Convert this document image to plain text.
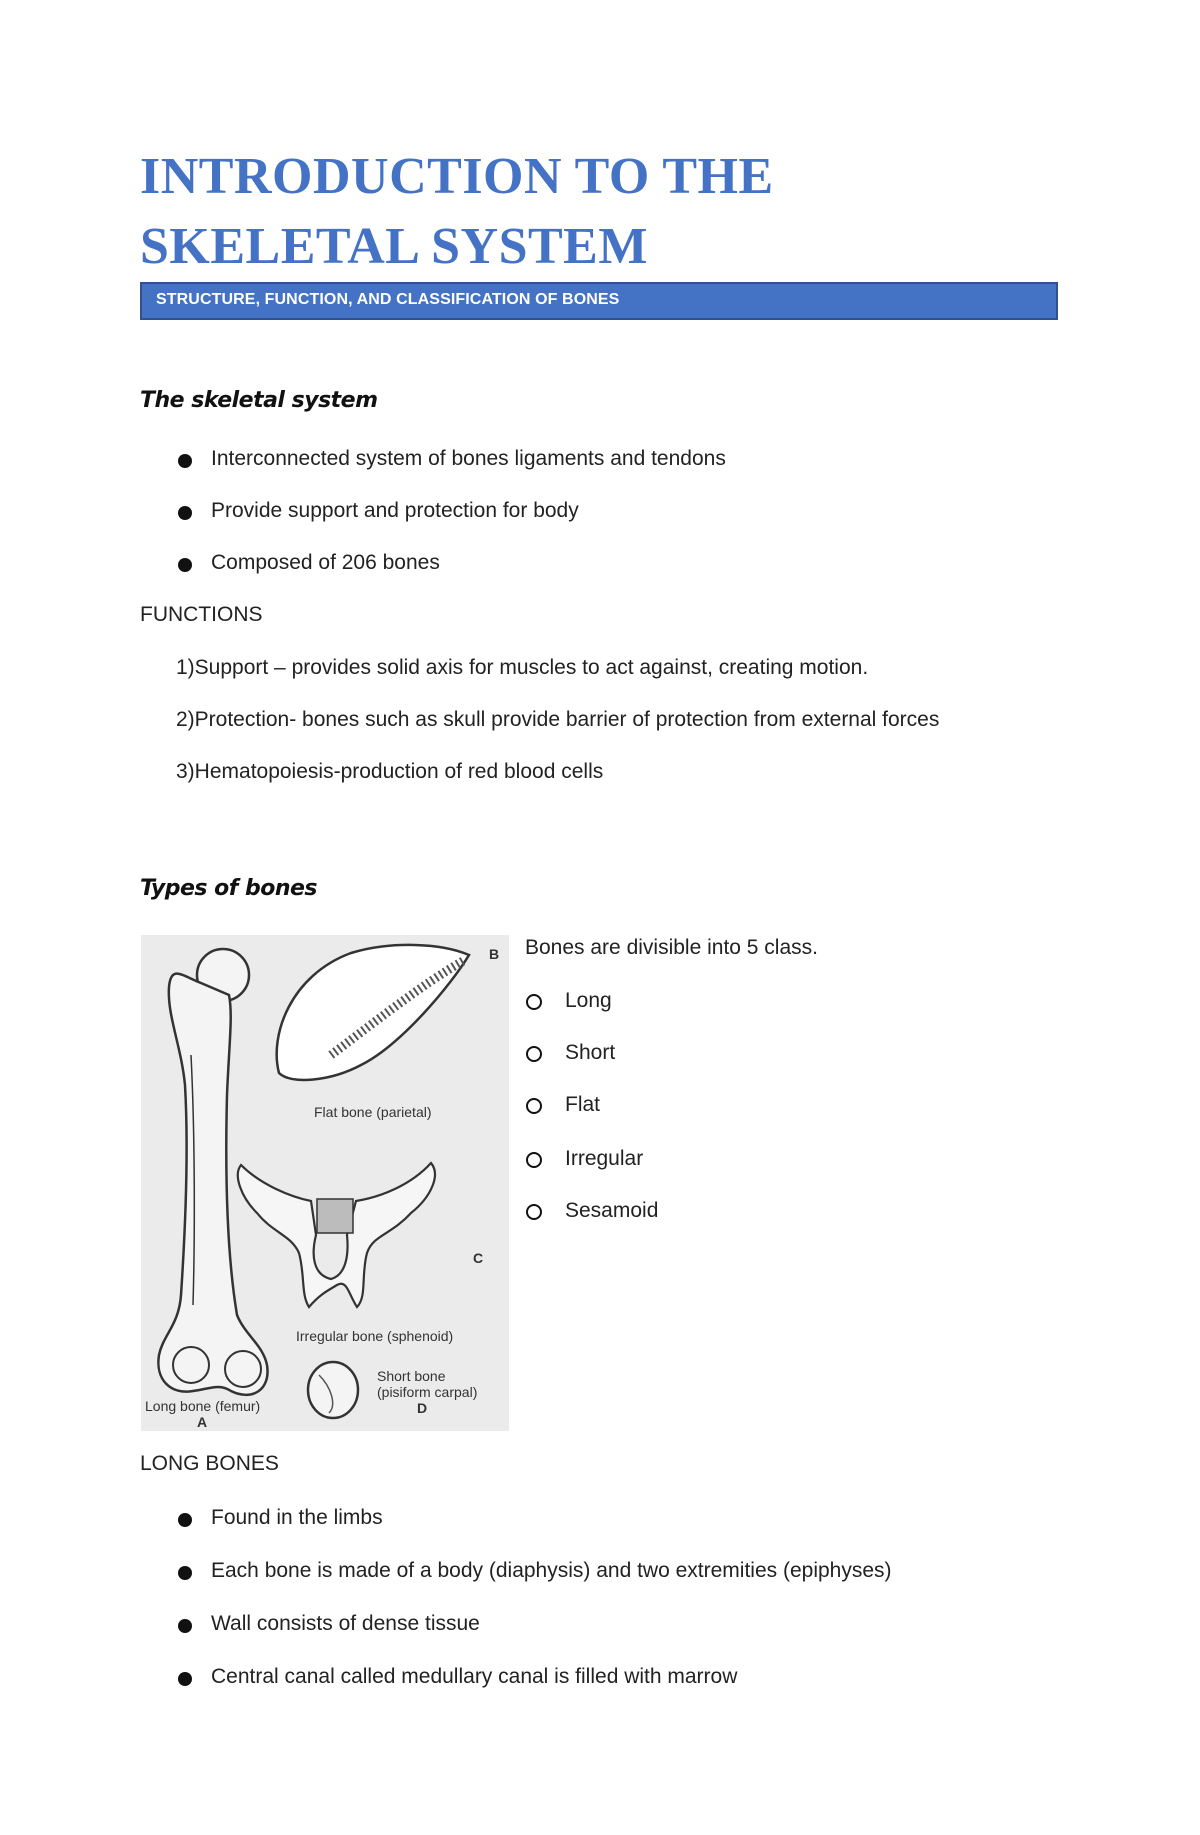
INTRODUCTION TO THE
SKELETAL SYSTEM
STRUCTURE, FUNCTION, AND CLASSIFICATION OF BONES
The skeletal system
Interconnected system of bones ligaments and tendons
Provide support and protection for body
Composed of 206 bones
FUNCTIONS
1)Support – provides solid axis for muscles to act against, creating motion.
2)Protection- bones such as skull provide barrier of protection from external forces
3)Hematopoiesis-production of red blood cells
Types of bones
Flat bone (parietal)
Irregular bone (sphenoid)
Short bone
(pisiform carpal)
Long bone (femur)
A
B
C
D
Bones are divisible into 5 class.
Long
Short
Flat
Irregular
Sesamoid
LONG BONES
Found in the limbs
Each bone is made of a body (diaphysis) and two extremities (epiphyses)
Wall consists of dense tissue
Central canal called medullary canal is filled with marrow
